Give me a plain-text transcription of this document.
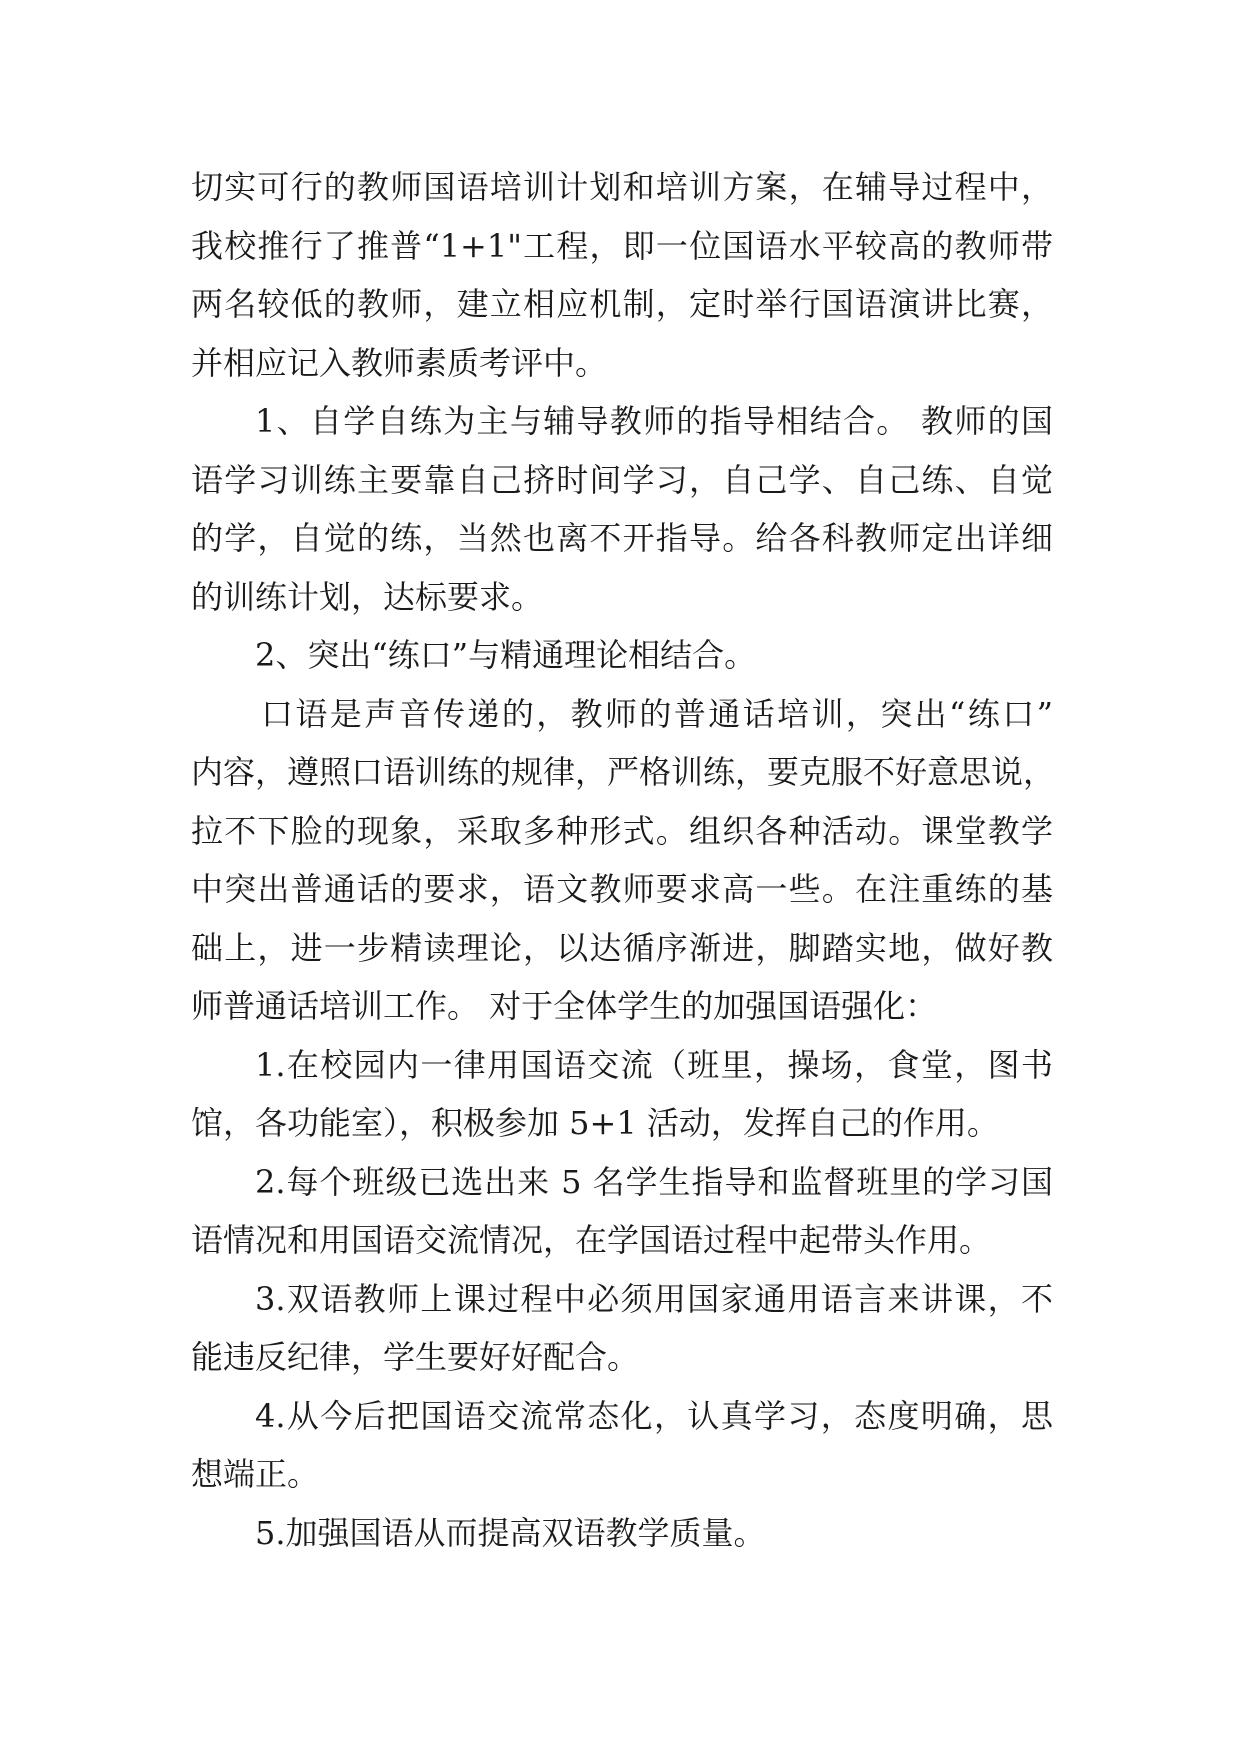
切实可行的教师国语培训计划和培训方案，在辅导过程中，
我校推行了推普“1+1"工程，即一位国语水平较高的教师带
两名较低的教师，建立相应机制，定时举行国语演讲比赛，
并相应记入教师素质考评中。
1、自学自练为主与辅导教师的指导相结合。 教师的国
语学习训练主要靠自己挤时间学习，自己学、自己练、自觉
的学，自觉的练，当然也离不开指导。给各科教师定出详细
的训练计划，达标要求。
2、突出“练口”与精通理论相结合。
口语是声音传递的，教师的普通话培训，突出“练口”
内容，遵照口语训练的规律，严格训练，要克服不好意思说，
拉不下脸的现象，采取多种形式。组织各种活动。课堂教学
中突出普通话的要求，语文教师要求高一些。在注重练的基
础上，进一步精读理论，以达循序渐进，脚踏实地，做好教
师普通话培训工作。 对于全体学生的加强国语强化：
1.在校园内一律用国语交流（班里，操场，食堂，图书
馆，各功能室），积极参加 5+1 活动，发挥自己的作用。
2.每个班级已选出来 5 名学生指导和监督班里的学习国
语情况和用国语交流情况，在学国语过程中起带头作用。
3.双语教师上课过程中必须用国家通用语言来讲课，不
能违反纪律，学生要好好配合。
4.从今后把国语交流常态化，认真学习，态度明确，思
想端正。
5.加强国语从而提高双语教学质量。
